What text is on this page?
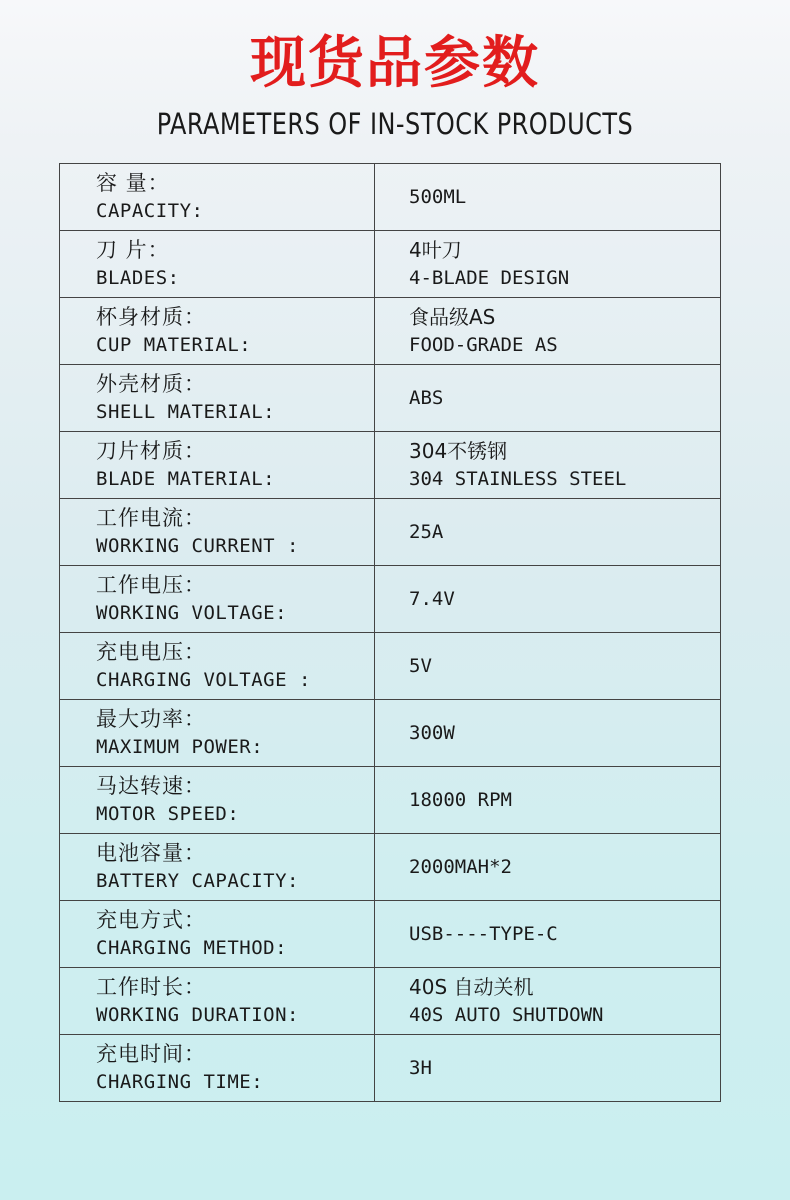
现货品参数
PARAMETERS OF IN-STOCK PRODUCTS
容 量：
CAPACITY:	500ML

刀 片：
BLADES:	4叶刀
4-BLADE DESIGN

杯身材质：
CUP MATERIAL:	食品级AS
FOOD-GRADE AS

外壳材质：
SHELL MATERIAL:	ABS

刀片材质：
BLADE MATERIAL:	304不锈钢
304 STAINLESS STEEL

工作电流：
WORKING CURRENT :	25A

工作电压：
WORKING VOLTAGE:	7.4V

充电电压：
CHARGING VOLTAGE :	5V

最大功率：
MAXIMUM POWER:	300W

马达转速：
MOTOR SPEED:	18000 RPM

电池容量：
BATTERY CAPACITY:	2000MAH*2

充电方式：
CHARGING METHOD:	USB----TYPE-C

工作时长：
WORKING DURATION:	40S 自动关机
40S AUTO SHUTDOWN

充电时间：
CHARGING TIME:	3H
